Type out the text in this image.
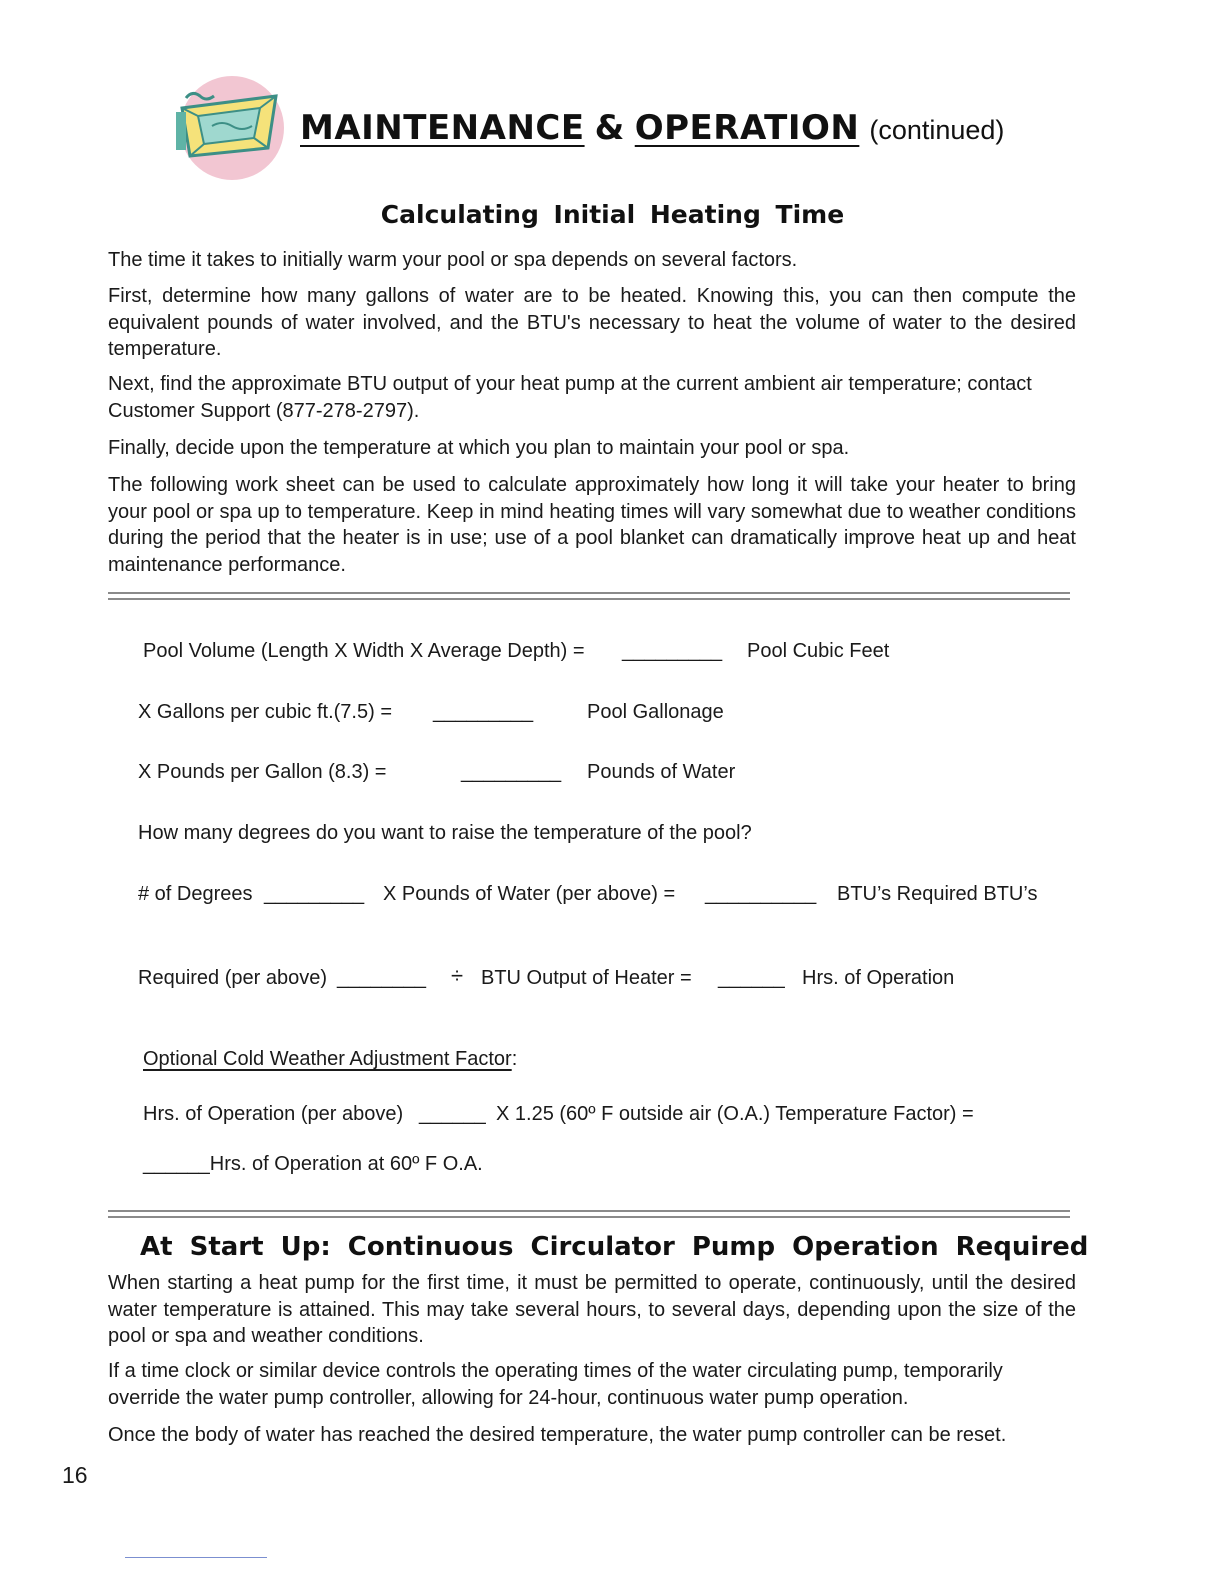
MAINTENANCE & OPERATION (continued)
Calculating Initial Heating Time

The time it takes to initially warm your pool or spa depends on several factors.

First, determine how many gallons of water are to be heated. Knowing this, you can then compute the equivalent pounds of water involved, and the BTU's necessary to heat the volume of water to the desired temperature.

Next, find the approximate BTU output of your heat pump at the current ambient air temperature; contact Customer Support (877-278-2797).

Finally, decide upon the temperature at which you plan to maintain your pool or spa.

The following work sheet can be used to calculate approximately how long it will take your heater to bring your pool or spa up to temperature. Keep in mind heating times will vary somewhat due to weather conditions during the period that the heater is in use; use of a pool blanket can dramatically improve heat up and heat maintenance performance.

Pool Volume (Length X Width X Average Depth) = _________ Pool Cubic Feet
X Gallons per cubic ft.(7.5) = _________	Pool Gallonage
X Pounds per Gallon (8.3) =	_________ Pounds of Water
How many degrees do you want to raise the temperature of the pool?
# of Degrees _________ X Pounds of Water (per above) = __________ BTU’s Required BTU’s
Required (per above) ________ ÷ BTU Output of Heater = ______ Hrs. of Operation
Optional Cold Weather Adjustment Factor:
Hrs. of Operation (per above) ______ X 1.25 (60º F outside air (O.A.) Temperature Factor) =
______Hrs. of Operation at 60º F O.A.
At Start Up: Continuous Circulator Pump Operation Required

When starting a heat pump for the first time, it must be permitted to operate, continuously, until the desired water temperature is attained. This may take several hours, to several days, depending upon the size of the pool or spa and weather conditions.

If a time clock or similar device controls the operating times of the water circulating pump, temporarily override the water pump controller, allowing for 24-hour, continuous water pump operation.

Once the body of water has reached the desired temperature, the water pump controller can be reset.

16
